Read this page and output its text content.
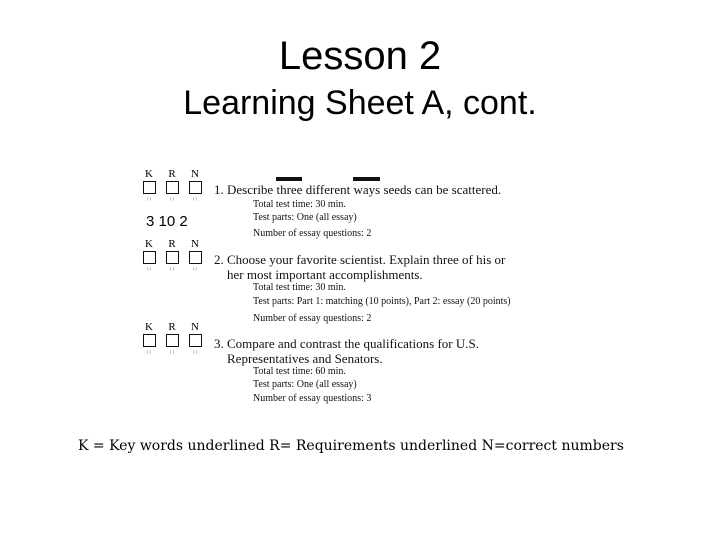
Lesson 2
Learning Sheet A, cont.
K	R	N
( )	( )	( )
3 10 2
K	R	N
( )	( )	( )
K	R	N
( )	( )	( )
1. Describe three different ways seeds can be scattered.
Total test time: 30 min.
Test parts: One (all essay)
Number of essay questions: 2
2. Choose your favorite scientist. Explain three of his or
her most important accomplishments.
Total test time: 30 min.
Test parts: Part 1: matching (10 points), Part 2: essay (20 points)
Number of essay questions: 2
3. Compare and contrast the qualifications for U.S.
Representatives and Senators.
Total test time: 60 min.
Test parts: One (all essay)
Number of essay questions: 3
K = Key words underlined R= Requirements underlined N=correct numbers
